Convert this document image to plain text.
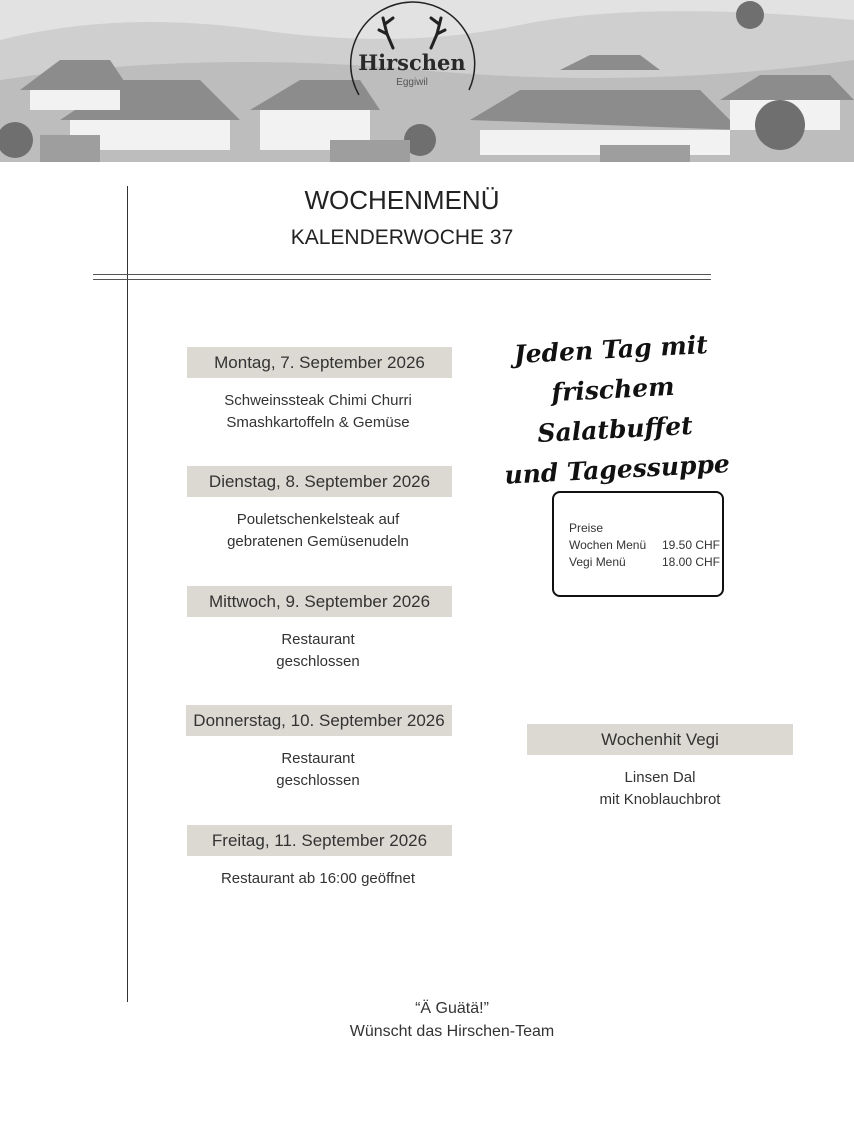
Hirschen
Eggiwil
WOCHENMENÜ
KALENDERWOCHE 37
Montag, 7. September 2026
Schweinssteak Chimi Churri
Smashkartoffeln & Gemüse
Dienstag, 8. September 2026
Pouletschenkelsteak auf
gebratenen Gemüsenudeln
Mittwoch, 9. September 2026
Restaurant
geschlossen
Donnerstag, 10. September 2026
Restaurant
geschlossen
Freitag, 11. September 2026
Restaurant ab 16:00 geöffnet
Jeden Tag mit
frischem Salatbuffet
und Tagessuppe
Preise
Wochen Menü 19.50 CHF
Vegi Menü	18.00 CHF
Wochenhit Vegi
Linsen Dal
mit Knoblauchbrot
“Ä Guätä!”
Wünscht das Hirschen-Team
